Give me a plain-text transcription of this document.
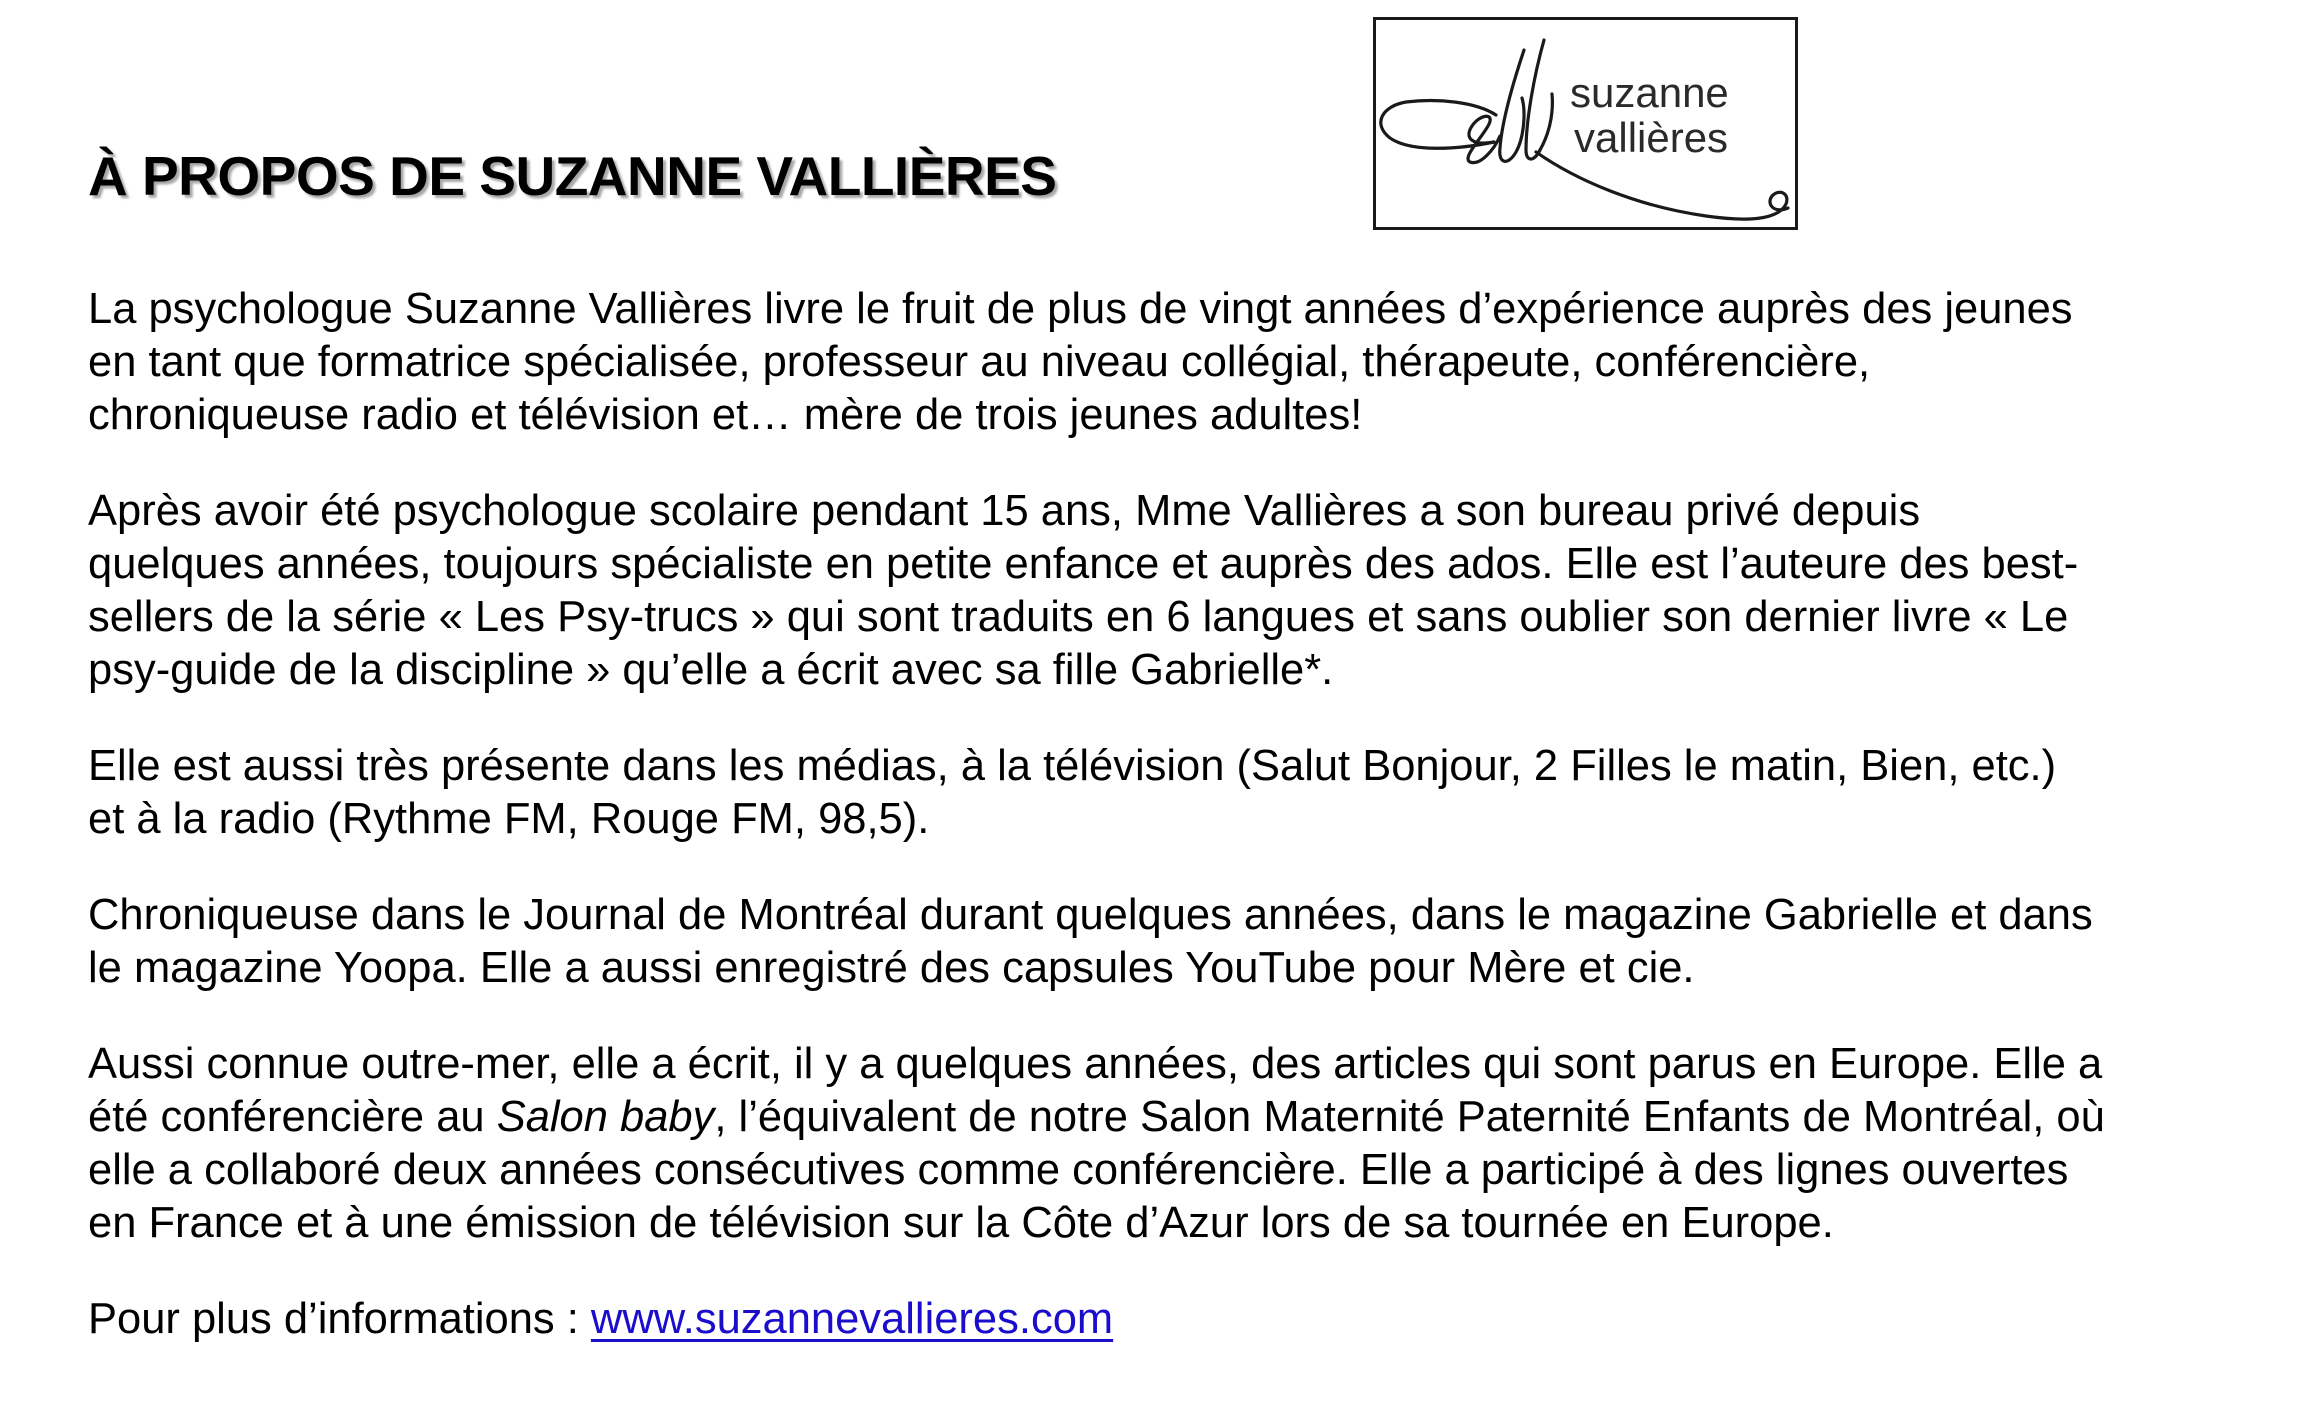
À PROPOS DE SUZANNE VALLIÈRES
suzanne
vallières

La psychologue Suzanne Vallières livre le fruit de plus de vingt années d’expérience auprès des jeunes
en tant que formatrice spécialisée, professeur au niveau collégial, thérapeute, conférencière,
chroniqueuse radio et télévision et… mère de trois jeunes adultes!

Après avoir été psychologue scolaire pendant 15 ans, Mme Vallières a son bureau privé depuis
quelques années, toujours spécialiste en petite enfance et auprès des ados. Elle est l’auteure des best-
sellers de la série « Les Psy-trucs » qui sont traduits en 6 langues et sans oublier son dernier livre « Le
psy-guide de la discipline » qu’elle a écrit avec sa fille Gabrielle*.

Elle est aussi très présente dans les médias, à la télévision (Salut Bonjour, 2 Filles le matin, Bien, etc.)
et à la radio (Rythme FM, Rouge FM, 98,5).

Chroniqueuse dans le Journal de Montréal durant quelques années, dans le magazine Gabrielle et dans
le magazine Yoopa. Elle a aussi enregistré des capsules YouTube pour Mère et cie.

Aussi connue outre-mer, elle a écrit, il y a quelques années, des articles qui sont parus en Europe. Elle a
été conférencière au Salon baby, l’équivalent de notre Salon Maternité Paternité Enfants de Montréal, où
elle a collaboré deux années consécutives comme conférencière. Elle a participé à des lignes ouvertes
en France et à une émission de télévision sur la Côte d’Azur lors de sa tournée en Europe.

Pour plus d’informations : www.suzannevallieres.com
